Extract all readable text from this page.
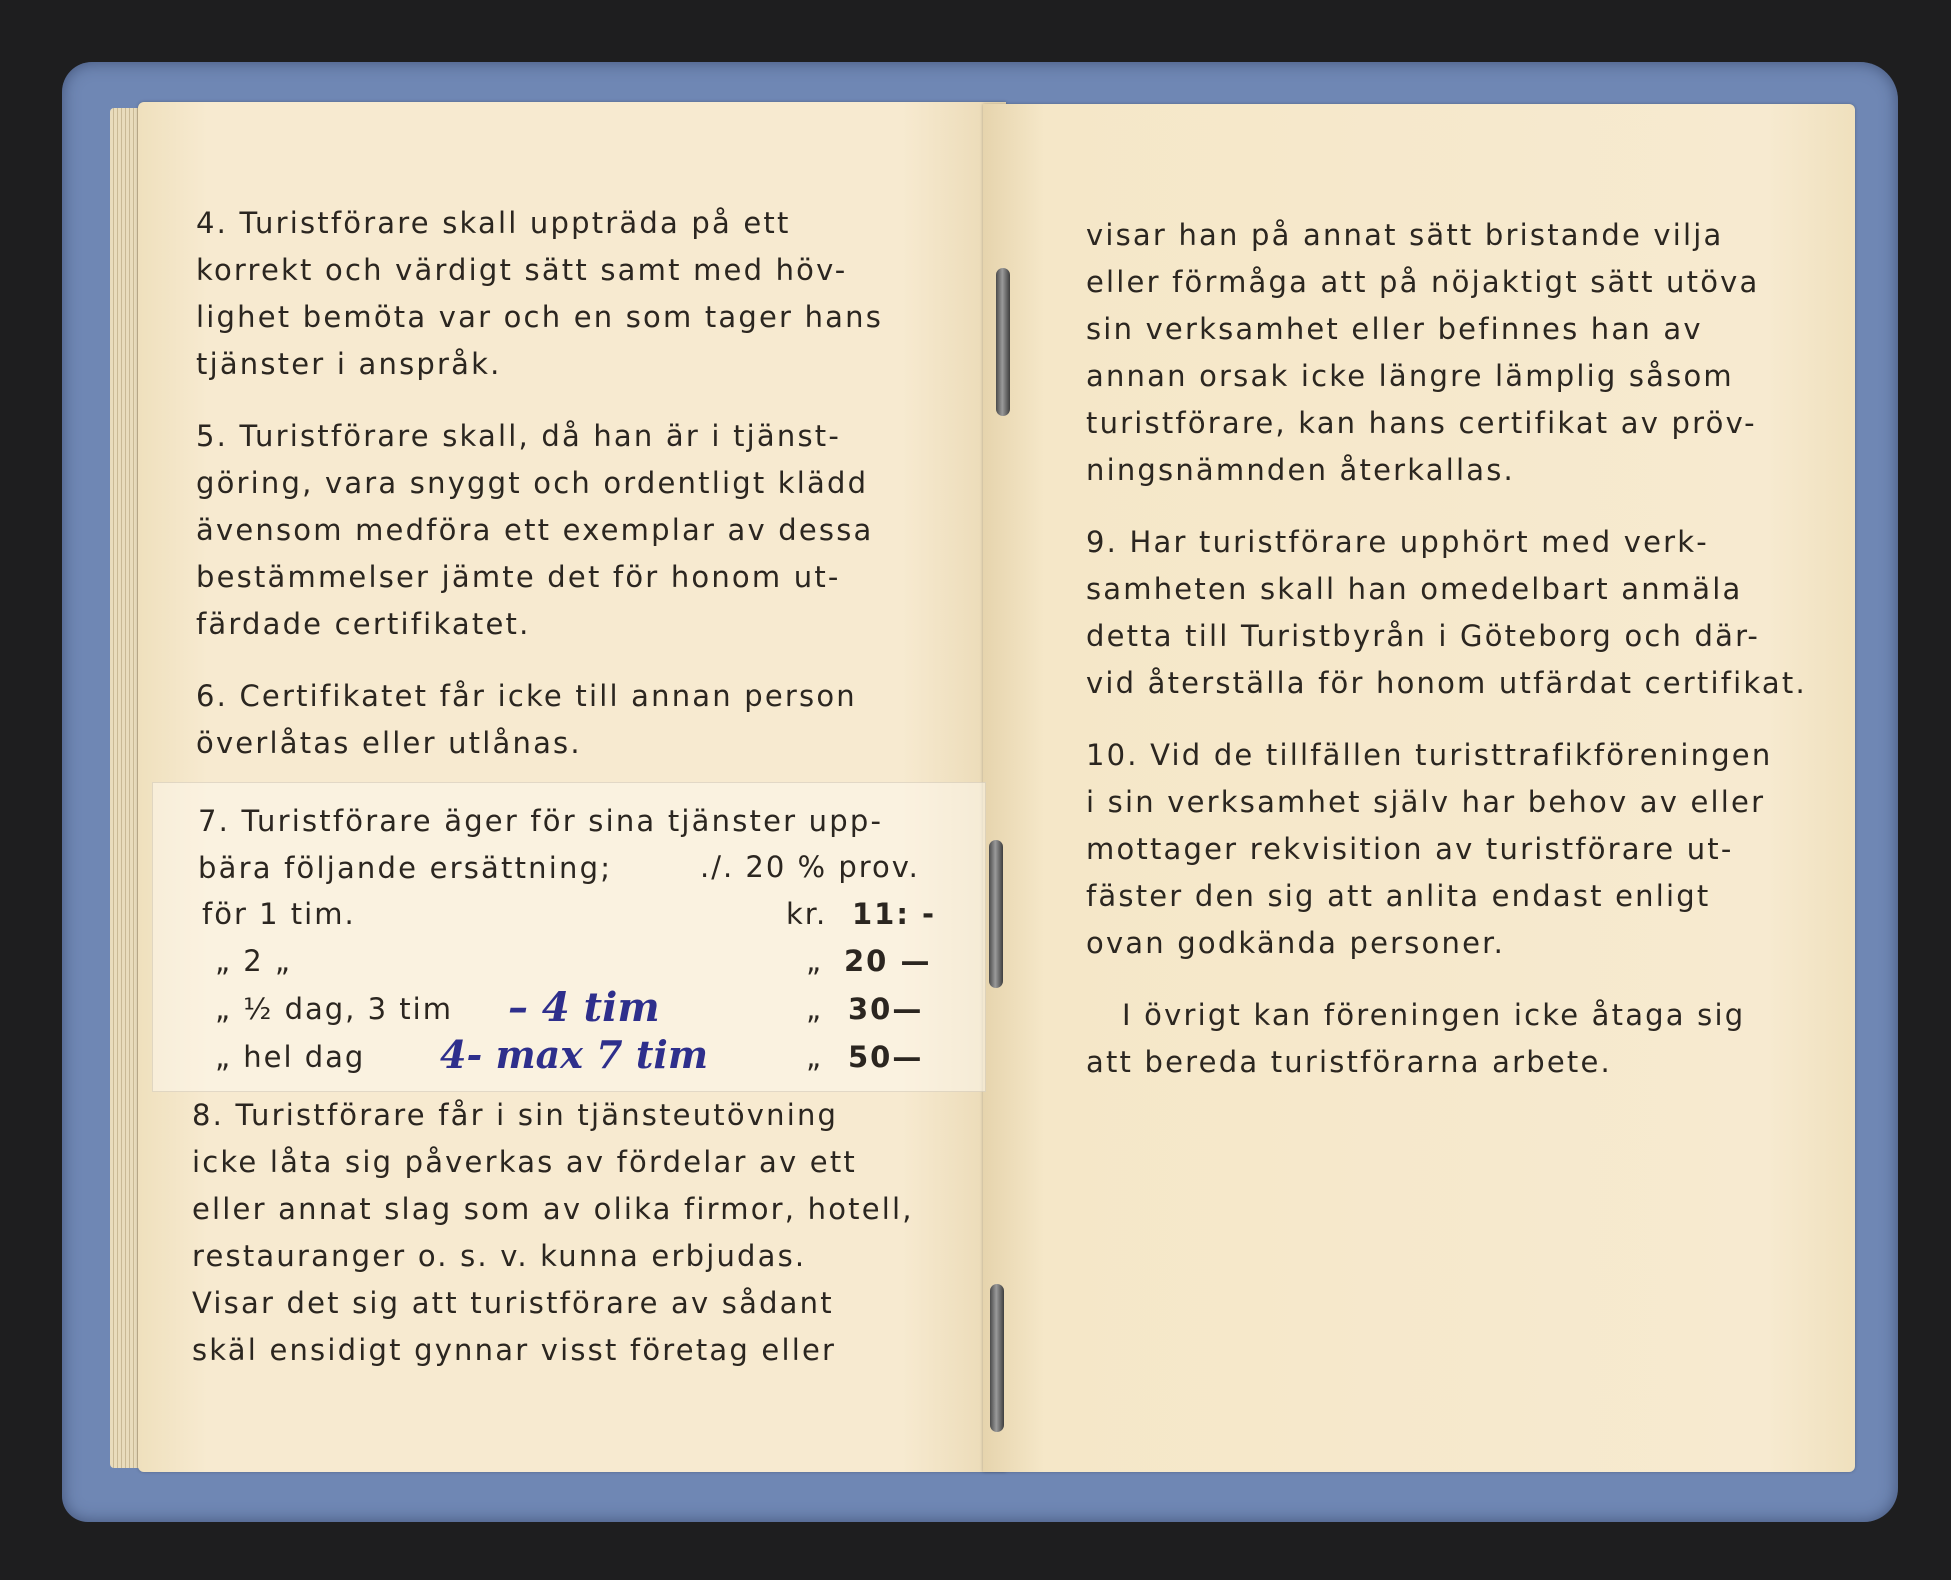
4. Turistförare skall uppträda på ett
korrekt och värdigt sätt samt med höv-
lighet bemöta var och en som tager hans
tjänster i anspråk.
5. Turistförare skall, då han är i tjänst-
göring, vara snyggt och ordentligt klädd
ävensom medföra ett exemplar av dessa
bestämmelser jämte det för honom ut-
färdade certifikatet.
6. Certifikatet får icke till annan person
överlåtas eller utlånas.
7. Turistförare äger för sina tjänster upp-
bära följande ersättning;	./. 20 % prov.
för 1 tim.	kr. 11: -
„ 2 „	„ 20 —
„ ½ dag, 3 tim – 4 tim	„ 30—
„ hel dag 4- max 7 tim	„ 50—
8. Turistförare får i sin tjänsteutövning
icke låta sig påverkas av fördelar av ett
eller annat slag som av olika firmor, hotell,
restauranger o. s. v. kunna erbjudas.
Visar det sig att turistförare av sådant
skäl ensidigt gynnar visst företag eller
visar han på annat sätt bristande vilja
eller förmåga att på nöjaktigt sätt utöva
sin verksamhet eller befinnes han av
annan orsak icke längre lämplig såsom
turistförare, kan hans certifikat av pröv-
ningsnämnden återkallas.
9. Har turistförare upphört med verk-
samheten skall han omedelbart anmäla
detta till Turistbyrån i Göteborg och där-
vid återställa för honom utfärdat certifikat.
10. Vid de tillfällen turisttrafikföreningen
i sin verksamhet själv har behov av eller
mottager rekvisition av turistförare ut-
fäster den sig att anlita endast enligt
ovan godkända personer.
I övrigt kan föreningen icke åtaga sig
att bereda turistförarna arbete.
